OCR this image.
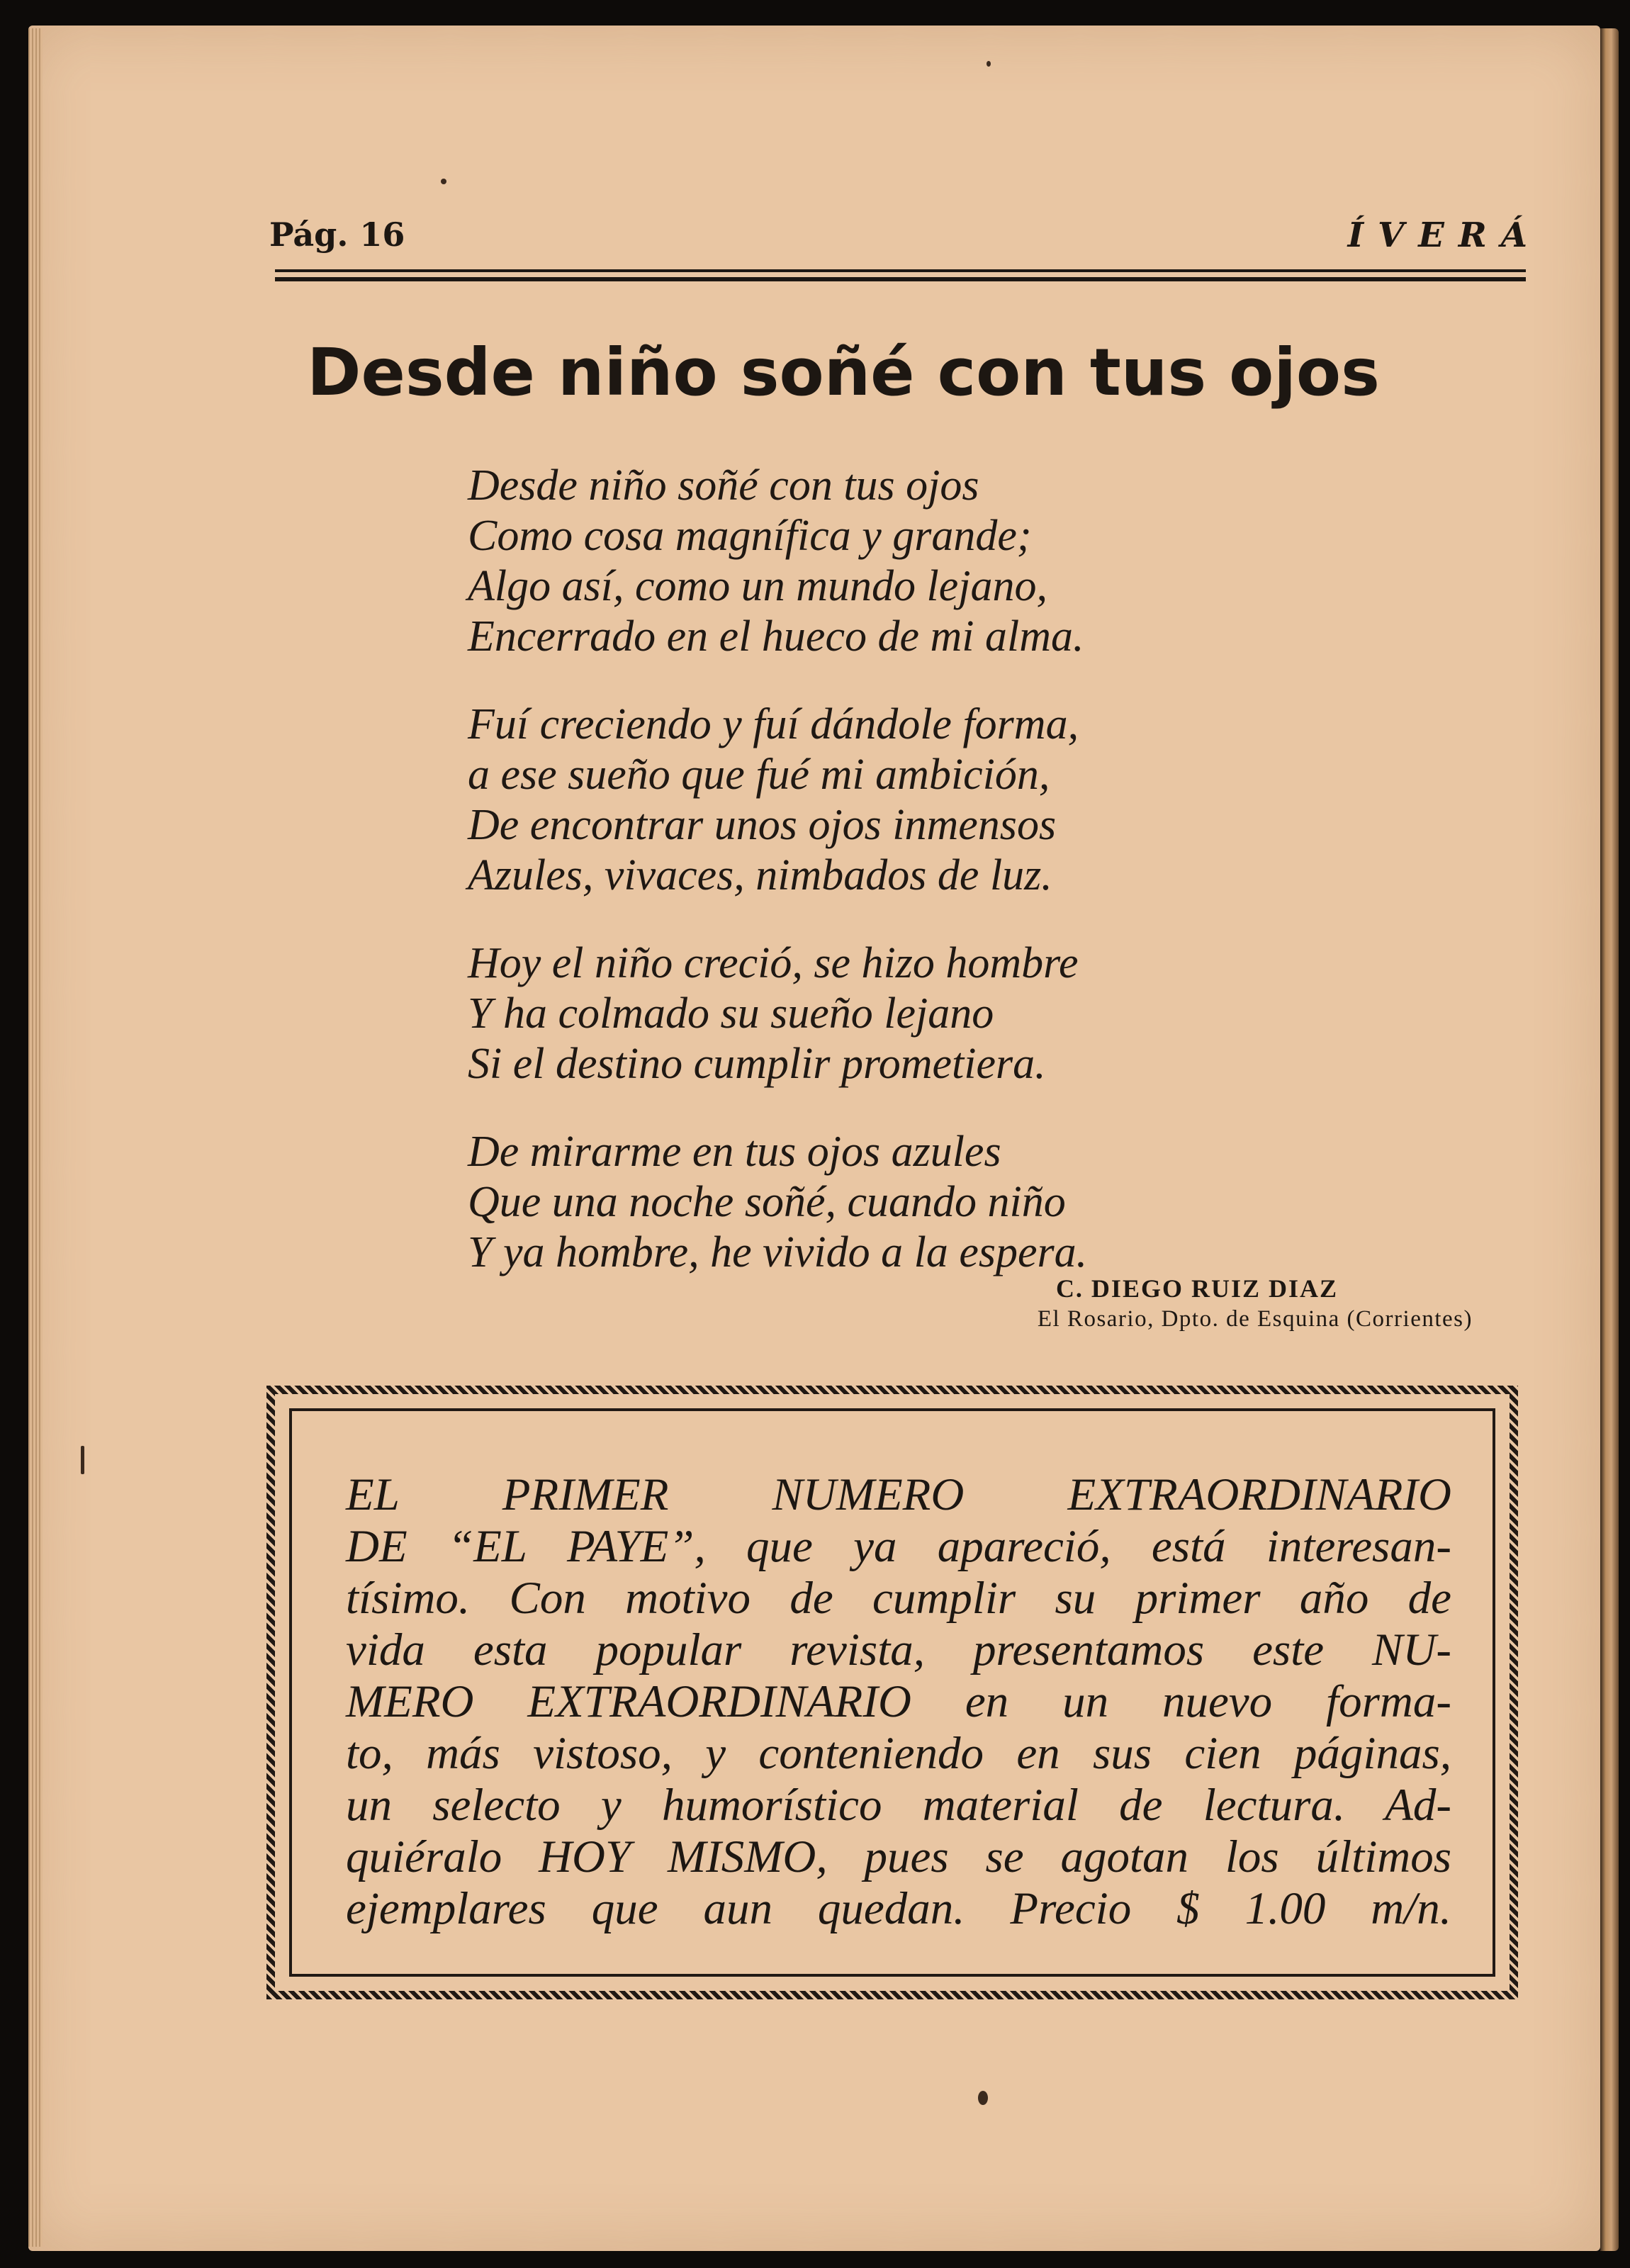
Pág. 16	ÍVERÁ
Desde niño soñé con tus ojos
Desde niño soñé con tus ojos
Como cosa magnífica y grande;
Algo así, como un mundo lejano,
Encerrado en el hueco de mi alma.
Fuí creciendo y fuí dándole forma,
a ese sueño que fué mi ambición,
De encontrar unos ojos inmensos
Azules, vivaces, nimbados de luz.
Hoy el niño creció, se hizo hombre
Y ha colmado su sueño lejano
Si el destino cumplir prometiera.
De mirarme en tus ojos azules
Que una noche soñé, cuando niño
Y ya hombre, he vivido a la espera.
C. DIEGO RUIZ DIAZ
El Rosario, Dpto. de Esquina (Corrientes)

EL PRIMER NUMERO EXTRAORDINARIO
DE “EL PAYE”, que ya apareció, está interesan-
tísimo. Con motivo de cumplir su primer año de
vida esta popular revista, presentamos este NU-
MERO EXTRAORDINARIO en un nuevo forma-
to, más vistoso, y conteniendo en sus cien páginas,
un selecto y humorístico material de lectura. Ad-
quiéralo HOY MISMO, pues se agotan los últimos
ejemplares que aun quedan. Precio $ 1.00 m/n.
